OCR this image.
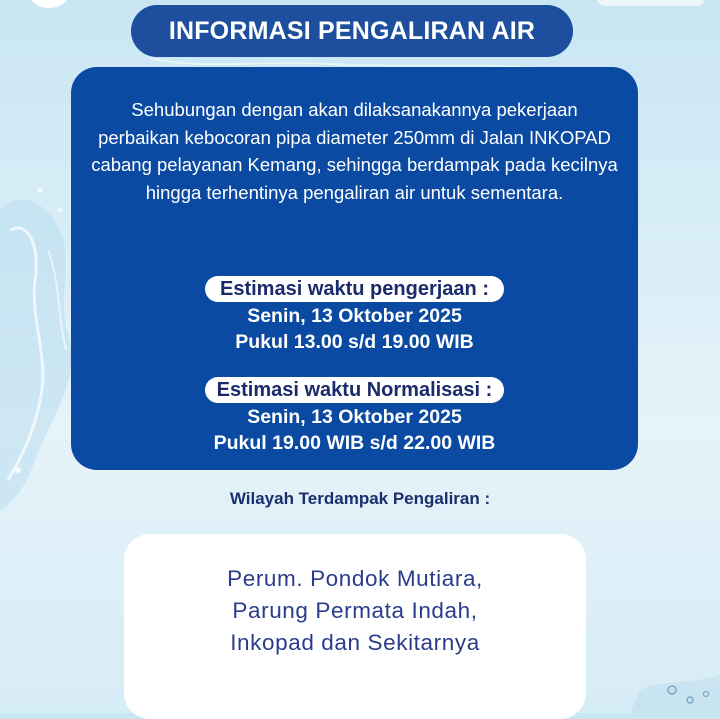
INFORMASI PENGALIRAN AIR
Sehubungan dengan akan dilaksanakannya pekerjaan perbaikan kebocoran pipa diameter 250mm di Jalan INKOPAD cabang pelayanan Kemang, sehingga berdampak pada kecilnya hingga terhentinya pengaliran air untuk sementara.
Estimasi waktu pengerjaan :
Senin, 13 Oktober 2025
Pukul 13.00 s/d 19.00 WIB
Estimasi waktu Normalisasi :
Senin, 13 Oktober 2025
Pukul 19.00 WIB s/d 22.00 WIB
Wilayah Terdampak Pengaliran :
Perum. Pondok Mutiara,
Parung Permata Indah,
Inkopad dan Sekitarnya
